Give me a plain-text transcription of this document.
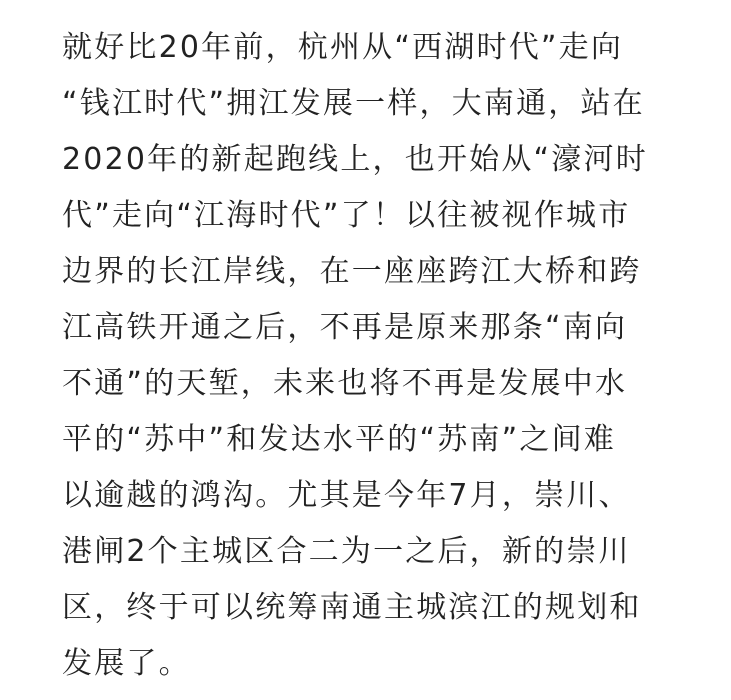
就好比20年前，杭州从“西湖时代”走向
“钱江时代”拥江发展一样，大南通，站在
2020年的新起跑线上，也开始从“濠河时
代”走向“江海时代”了！以往被视作城市
边界的长江岸线，在一座座跨江大桥和跨
江高铁开通之后，不再是原来那条“南向
不通”的天堑，未来也将不再是发展中水
平的“苏中”和发达水平的“苏南”之间难
以逾越的鸿沟。尤其是今年7月，崇川、
港闸2个主城区合二为一之后，新的崇川
区，终于可以统筹南通主城滨江的规划和
发展了。
